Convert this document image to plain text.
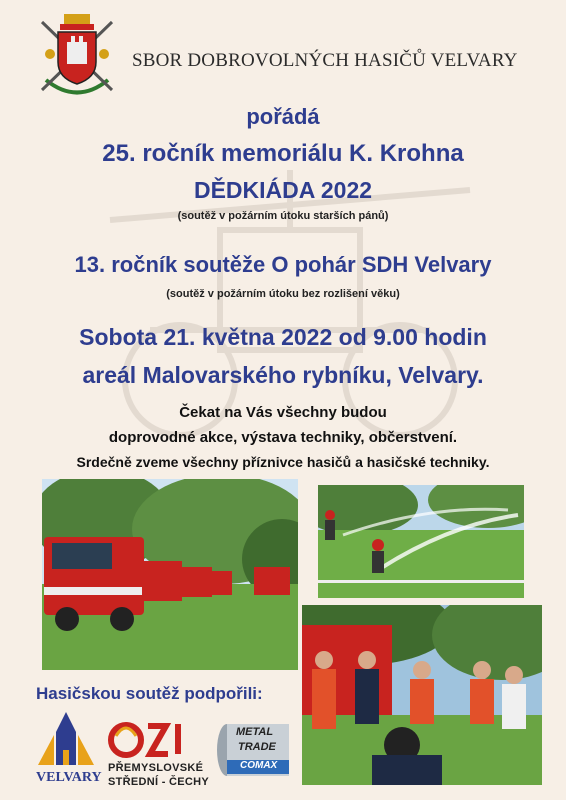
SBOR DOBROVOLNÝCH HASIČŮ VELVARY
pořádá
25. ročník memoriálu K. Krohna
DĚDKIÁDA 2022
(soutěž v požárním útoku starších pánů)
13. ročník soutěže O pohár SDH Velvary
(soutěž v požárním útoku bez rozlišení věku)
Sobota 21. května 2022 od 9.00 hodin
areál Malovarského rybníku, Velvary.
Čekat na Vás všechny budou
doprovodné akce, výstava techniky, občerstvení.
Srdečně zveme všechny příznivce hasičů a hasičské techniky.
Hasičskou soutěž podpořili:
VELVARY
PŘEMYSLOVSKÉ
STŘEDNÍ - ČECHY
METAL
TRADE
COMAX
